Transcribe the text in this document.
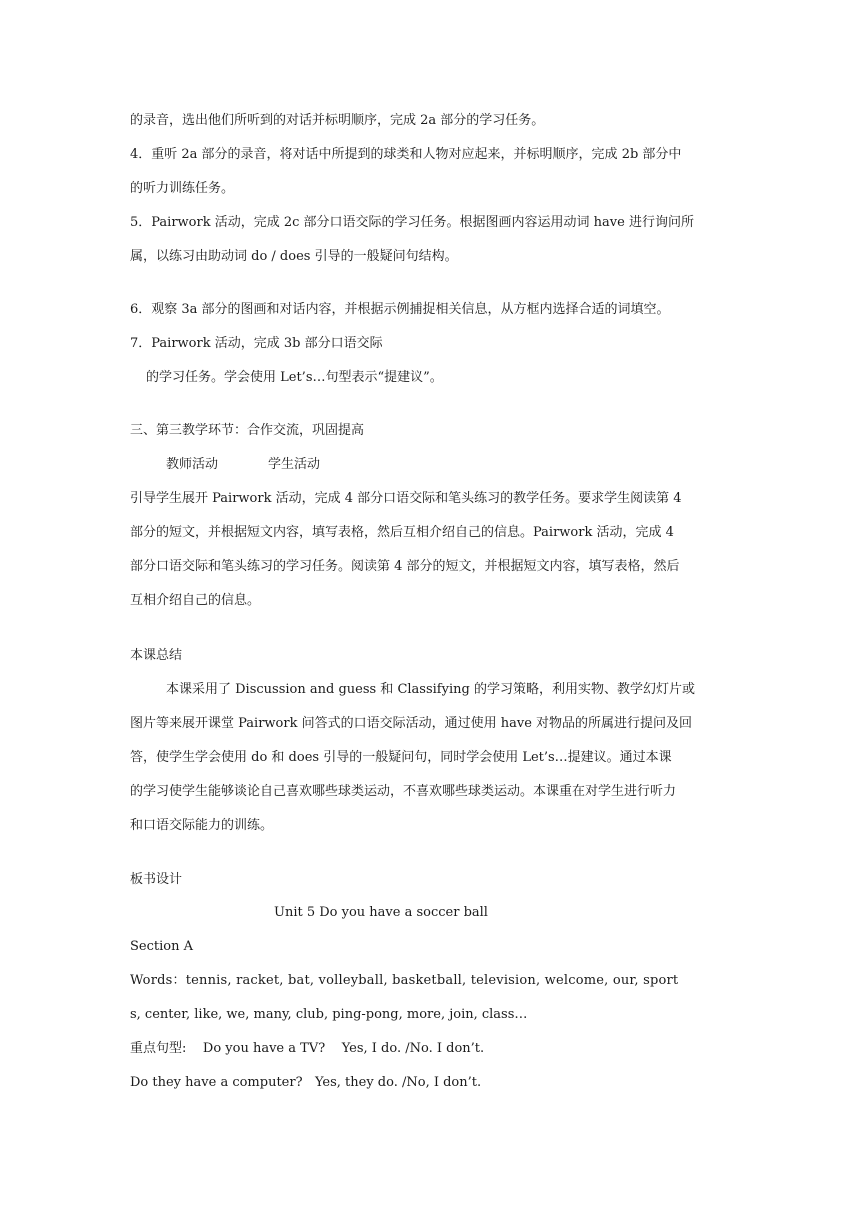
的录音，选出他们所听到的对话并标明顺序，完成 2a 部分的学习任务。
4．重听 2a 部分的录音，将对话中所提到的球类和人物对应起来，并标明顺序，完成 2b 部分中
的听力训练任务。
5．Pairwork 活动，完成 2c 部分口语交际的学习任务。根据图画内容运用动词 have 进行询问所
属，以练习由助动词 do / does 引导的一般疑问句结构。
6．观察 3a 部分的图画和对话内容，并根据示例捕捉相关信息，从方框内选择合适的词填空。
7．Pairwork 活动，完成 3b 部分口语交际
的学习任务。学会使用 Let’s…句型表示“提建议”。
三、第三教学环节：合作交流，巩固提高
教师活动	学生活动
引导学生展开 Pairwork 活动，完成 4 部分口语交际和笔头练习的教学任务。要求学生阅读第 4
部分的短文，并根据短文内容，填写表格，然后互相介绍自己的信息。Pairwork 活动，完成 4
部分口语交际和笔头练习的学习任务。阅读第 4 部分的短文，并根据短文内容，填写表格，然后
互相介绍自己的信息。
本课总结
本课采用了 Discussion and guess 和 Classifying 的学习策略，利用实物、教学幻灯片或
图片等来展开课堂 Pairwork 问答式的口语交际活动，通过使用 have 对物品的所属进行提问及回
答，使学生学会使用 do 和 does 引导的一般疑问句，同时学会使用 Let’s…提建议。通过本课
的学习使学生能够谈论自己喜欢哪些球类运动，不喜欢哪些球类运动。本课重在对学生进行听力
和口语交际能力的训练。
板书设计
Unit 5 Do you have a soccer ball
Section A
Words：tennis, racket, bat, volleyball, basketball, television, welcome, our, sport
s, center, like, we, many, club, ping-pong, more, join, class…
重点句型:    Do you have a TV?    Yes, I do. /No. I don’t.
Do they have a computer?   Yes, they do. /No, I don’t.
